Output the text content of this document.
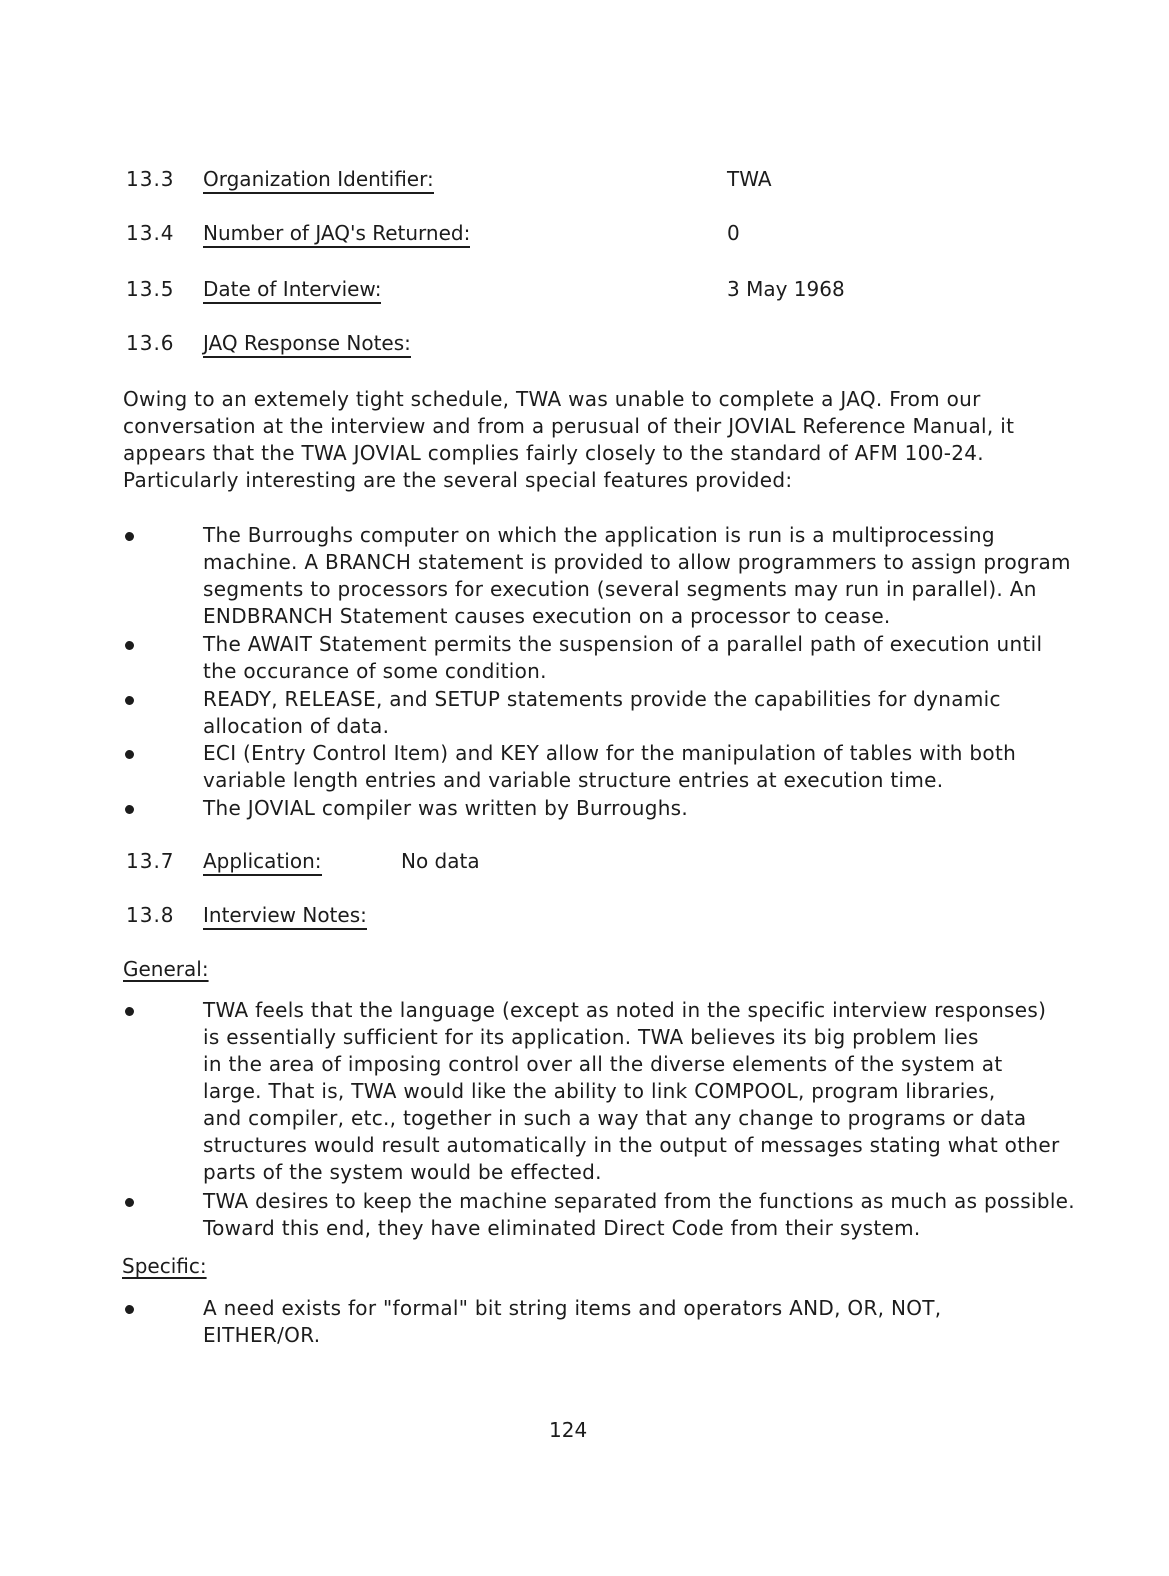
13.3 Organization Identifier:	TWA
13.4 Number of JAQ's Returned:	0
13.5 Date of Interview:	3 May 1968
13.6 JAQ Response Notes:
Owing to an extemely tight schedule, TWA was unable to complete a JAQ. From our
conversation at the interview and from a perusual of their JOVIAL Reference Manual, it
appears that the TWA JOVIAL complies fairly closely to the standard of AFM 100-24.
Particularly interesting are the several special features provided:
The Burroughs computer on which the application is run is a multiprocessing
machine. A BRANCH statement is provided to allow programmers to assign program
segments to processors for execution (several segments may run in parallel). An
ENDBRANCH Statement causes execution on a processor to cease.
The AWAIT Statement permits the suspension of a parallel path of execution until
the occurance of some condition.
READY, RELEASE, and SETUP statements provide the capabilities for dynamic
allocation of data.
ECI (Entry Control Item) and KEY allow for the manipulation of tables with both
variable length entries and variable structure entries at execution time.
The JOVIAL compiler was written by Burroughs.
13.7 Application:	No data
13.8 Interview Notes:
General:
TWA feels that the language (except as noted in the specific interview responses)
is essentially sufficient for its application. TWA believes its big problem lies
in the area of imposing control over all the diverse elements of the system at
large. That is, TWA would like the ability to link COMPOOL, program libraries,
and compiler, etc., together in such a way that any change to programs or data
structures would result automatically in the output of messages stating what other
parts of the system would be effected.
TWA desires to keep the machine separated from the functions as much as possible.
Toward this end, they have eliminated Direct Code from their system.
Specific:
A need exists for "formal" bit string items and operators AND, OR, NOT,
EITHER/OR.
124
